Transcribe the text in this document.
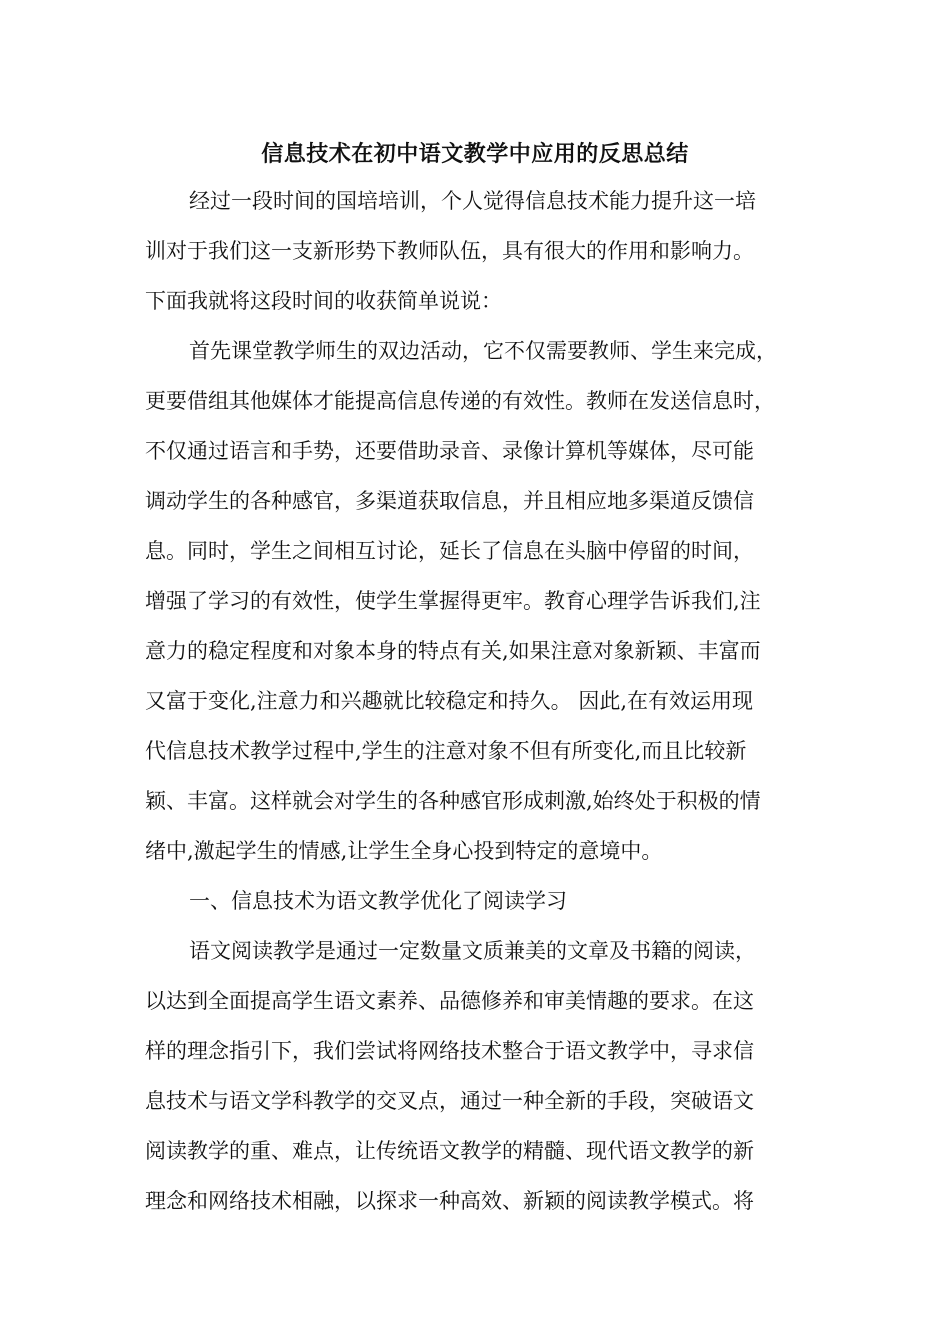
信息技术在初中语文教学中应用的反思总结
经过一段时间的国培培训，个人觉得信息技术能力提升这一培
训对于我们这一支新形势下教师队伍，具有很大的作用和影响力。
下面我就将这段时间的收获简单说说：
首先课堂教学师生的双边活动，它不仅需要教师、学生来完成，
更要借组其他媒体才能提高信息传递的有效性。教师在发送信息时，
不仅通过语言和手势，还要借助录音、录像计算机等媒体，尽可能
调动学生的各种感官，多渠道获取信息，并且相应地多渠道反馈信
息。同时，学生之间相互讨论，延长了信息在头脑中停留的时间，
增强了学习的有效性，使学生掌握得更牢。教育心理学告诉我们,注
意力的稳定程度和对象本身的特点有关,如果注意对象新颖、丰富而
又富于变化,注意力和兴趣就比较稳定和持久。 因此,在有效运用现
代信息技术教学过程中,学生的注意对象不但有所变化,而且比较新
颖、丰富。这样就会对学生的各种感官形成刺激,始终处于积极的情
绪中,激起学生的情感,让学生全身心投到特定的意境中。
一、信息技术为语文教学优化了阅读学习
语文阅读教学是通过一定数量文质兼美的文章及书籍的阅读，
以达到全面提高学生语文素养、品德修养和审美情趣的要求。在这
样的理念指引下，我们尝试将网络技术整合于语文教学中，寻求信
息技术与语文学科教学的交叉点，通过一种全新的手段，突破语文
阅读教学的重、难点，让传统语文教学的精髓、现代语文教学的新
理念和网络技术相融，以探求一种高效、新颖的阅读教学模式。将
